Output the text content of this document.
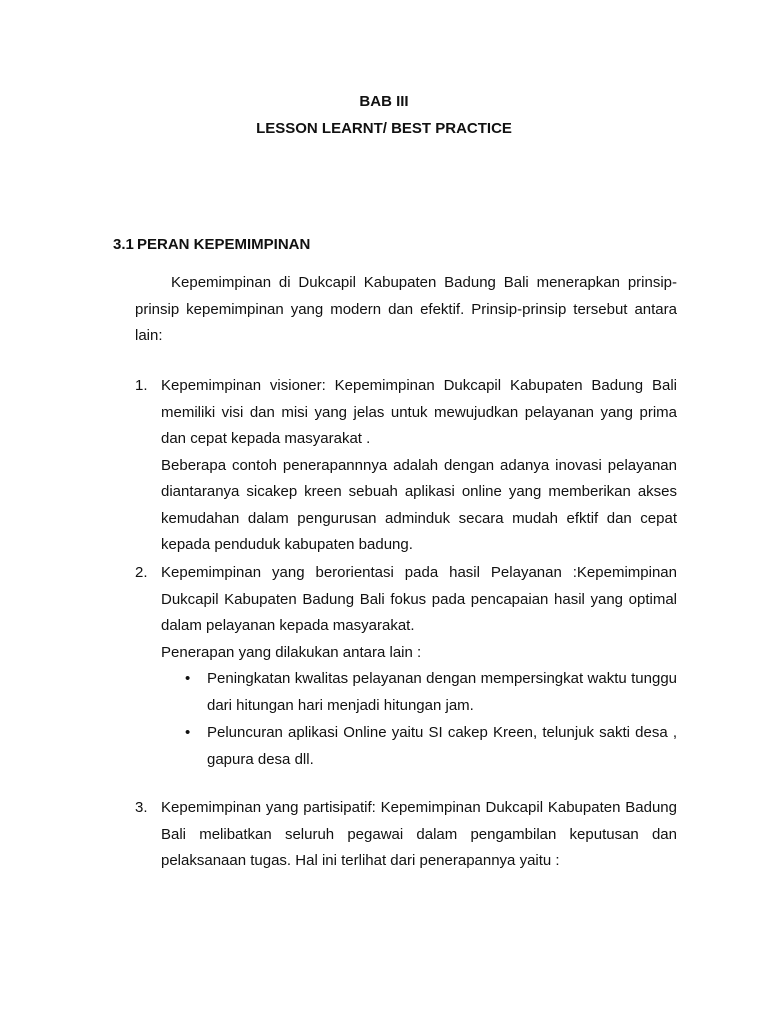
BAB III
LESSON LEARNT/ BEST PRACTICE
3.1 PERAN KEPEMIMPINAN

Kepemimpinan di Dukcapil Kabupaten Badung Bali menerapkan prinsip-prinsip kepemimpinan yang modern dan efektif. Prinsip-prinsip tersebut antara lain:

1. Kepemimpinan visioner: Kepemimpinan Dukcapil Kabupaten Badung Bali memiliki visi dan misi yang jelas untuk mewujudkan pelayanan yang prima dan cepat kepada masyarakat .

Beberapa contoh penerapannnya adalah dengan adanya inovasi pelayanan diantaranya sicakep kreen sebuah aplikasi online yang memberikan akses kemudahan dalam pengurusan adminduk secara mudah efktif dan cepat kepada penduduk kabupaten badung.

2. Kepemimpinan yang berorientasi pada hasil Pelayanan :Kepemimpinan Dukcapil Kabupaten Badung Bali fokus pada pencapaian hasil yang optimal dalam pelayanan kepada masyarakat.

Penerapan yang dilakukan antara lain :

• Peningkatan kwalitas pelayanan dengan mempersingkat waktu tunggu dari hitungan hari menjadi hitungan jam.
• Peluncuran aplikasi Online yaitu SI cakep Kreen, telunjuk sakti desa , gapura desa dll.
3. Kepemimpinan yang partisipatif: Kepemimpinan Dukcapil Kabupaten Badung Bali melibatkan seluruh pegawai dalam pengambilan keputusan dan pelaksanaan tugas. Hal ini terlihat dari penerapannya yaitu :
